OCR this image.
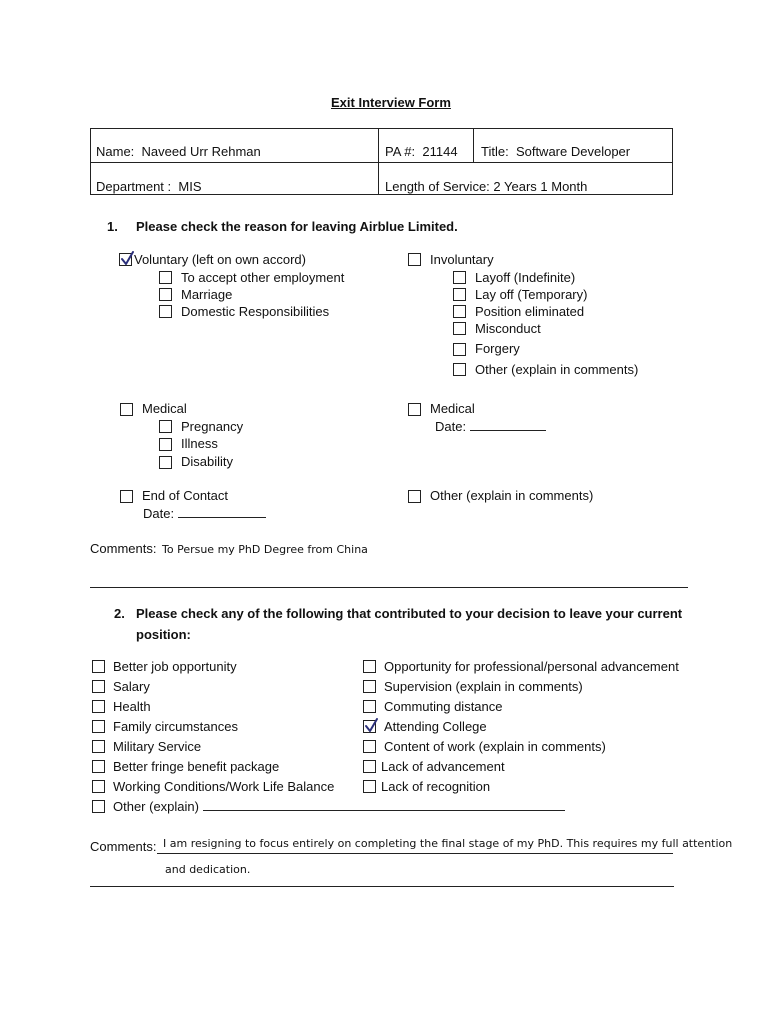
Exit Interview Form
Name: Naveed Urr Rehman	PA #: 21144 Title: Software Developer
Department : MIS	Length of Service: 2 Years 1 Month
1. Please check the reason for leaving Airblue Limited.
Voluntary (left on own accord)
To accept other employment
Marriage
Domestic Responsibilities
Involuntary
Layoff (Indefinite)
Lay off (Temporary)
Position eliminated
Misconduct
Forgery
Other (explain in comments)
Medical
Pregnancy
Illness
Disability
Medical
Date:
End of Contact
Date:
Other (explain in comments)
Comments: To Persue my PhD Degree from China
2. Please check any of the following that contributed to your decision to leave your current
position:
Better job opportunity
Salary
Health
Family circumstances
Military Service
Better fringe benefit package
Working Conditions/Work Life Balance
Other (explain)
Opportunity for professional/personal advancement
Supervision (explain in comments)
Commuting distance
Attending College
Content of work (explain in comments)
Lack of advancement
Lack of recognition
Comments: I am resigning to focus entirely on completing the final stage of my PhD. This requires my full attention
and dedication.
